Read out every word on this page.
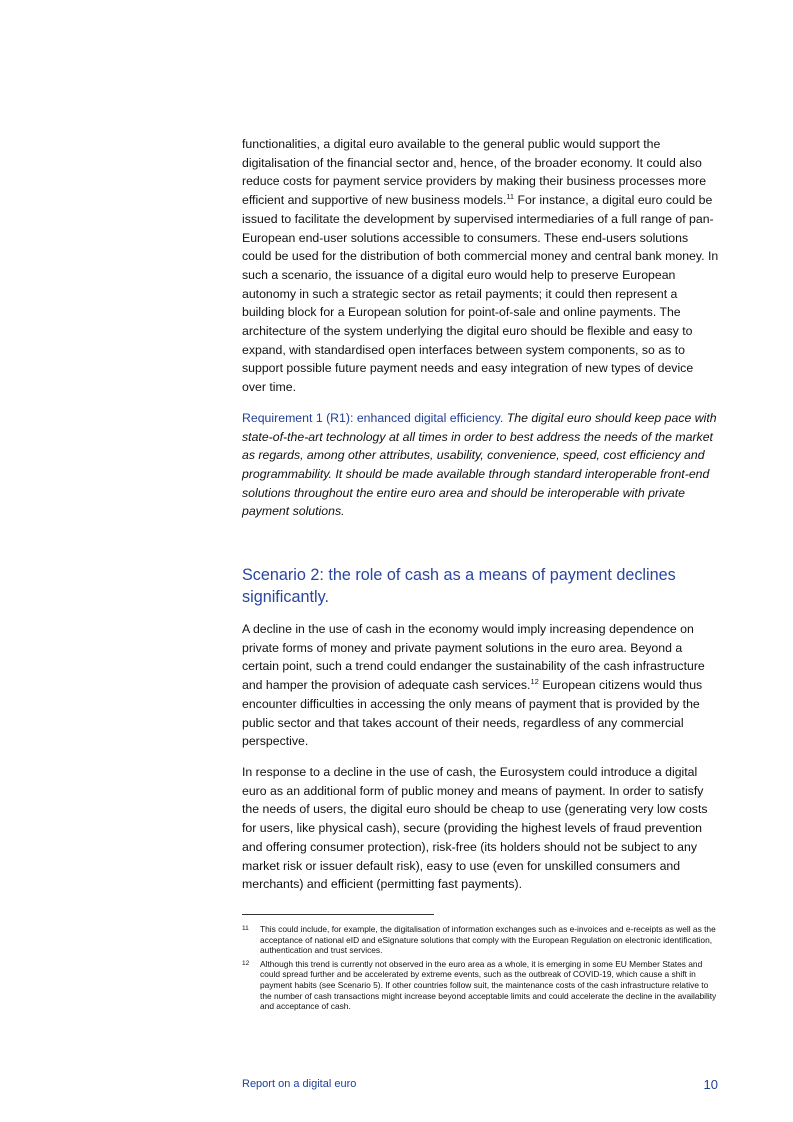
functionalities, a digital euro available to the general public would support the digitalisation of the financial sector and, hence, of the broader economy. It could also reduce costs for payment service providers by making their business processes more efficient and supportive of new business models.$^{11}$ For instance, a digital euro could be issued to facilitate the development by supervised intermediaries of a full range of pan-European end-user solutions accessible to consumers. These end-users solutions could be used for the distribution of both commercial money and central bank money. In such a scenario, the issuance of a digital euro would help to preserve European autonomy in such a strategic sector as retail payments; it could then represent a building block for a European solution for point-of-sale and online payments. The architecture of the system underlying the digital euro should be flexible and easy to expand, with standardised open interfaces between system components, so as to support possible future payment needs and easy integration of new types of device over time.

Requirement 1 (R1): enhanced digital efficiency. The digital euro should keep pace with state-of-the-art technology at all times in order to best address the needs of the market as regards, among other attributes, usability, convenience, speed, cost efficiency and programmability. It should be made available through standard interoperable front-end solutions throughout the entire euro area and should be interoperable with private payment solutions.

Scenario 2: the role of cash as a means of payment declines significantly.

A decline in the use of cash in the economy would imply increasing dependence on private forms of money and private payment solutions in the euro area. Beyond a certain point, such a trend could endanger the sustainability of the cash infrastructure and hamper the provision of adequate cash services.$^{12}$ European citizens would thus encounter difficulties in accessing the only means of payment that is provided by the public sector and that takes account of their needs, regardless of any commercial perspective.

In response to a decline in the use of cash, the Eurosystem could introduce a digital euro as an additional form of public money and means of payment. In order to satisfy the needs of users, the digital euro should be cheap to use (generating very low costs for users, like physical cash), secure (providing the highest levels of fraud prevention and offering consumer protection), risk-free (its holders should not be subject to any market risk or issuer default risk), easy to use (even for unskilled consumers and merchants) and efficient (permitting fast payments).

11	This could include, for example, the digitalisation of information exchanges such as e-invoices and e-receipts as well as the acceptance of national eID and eSignature solutions that comply with the European Regulation on electronic identification, authentication and trust services.
12	Although this trend is currently not observed in the euro area as a whole, it is emerging in some EU Member States and could spread further and be accelerated by extreme events, such as the outbreak of COVID-19, which cause a shift in payment habits (see Scenario 5). If other countries follow suit, the maintenance costs of the cash infrastructure relative to the number of cash transactions might increase beyond acceptable limits and could accelerate the decline in the availability and acceptance of cash.
Report on a digital euro	10
